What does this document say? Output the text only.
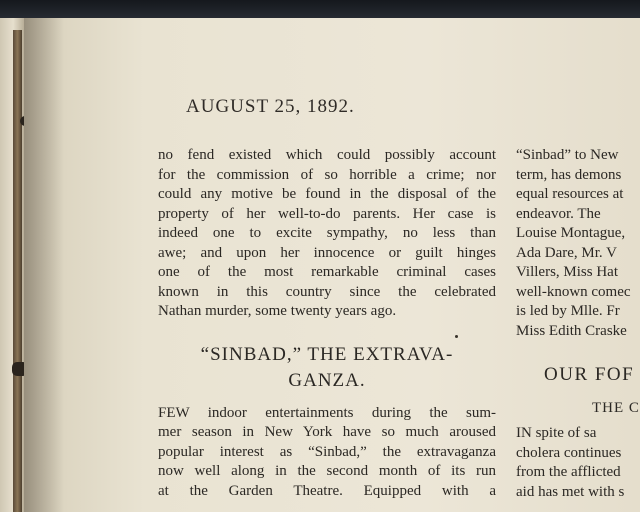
AUGUST 25, 1892.
no fend existed which could possibly account
for the commission of so horrible a crime; nor
could any motive be found in the disposal of the
property of her well-to-do parents. Her case is
indeed one to excite sympathy, no less than
awe; and upon her innocence or guilt hinges
one of the most remarkable criminal cases
known in this country since the celebrated
Nathan murder, some twenty years ago.
“SINBAD,” THE EXTRAVA-
GANZA.
FEW indoor entertainments during the sum-
mer season in New York have so much aroused
popular interest as “Sinbad,” the extravaganza
now well along in the second month of its run
at the Garden Theatre. Equipped with a
“Sinbad” to New
term, has demons
equal resources at
endeavor. The
Louise Montague,
Ada Dare, Mr. V
Villers, Miss Hat
well-known comec
is led by Mlle. Fr
Miss Edith Craske
OUR FOF
THE C
IN spite of sa
cholera continues
from the afflicted
aid has met with s
